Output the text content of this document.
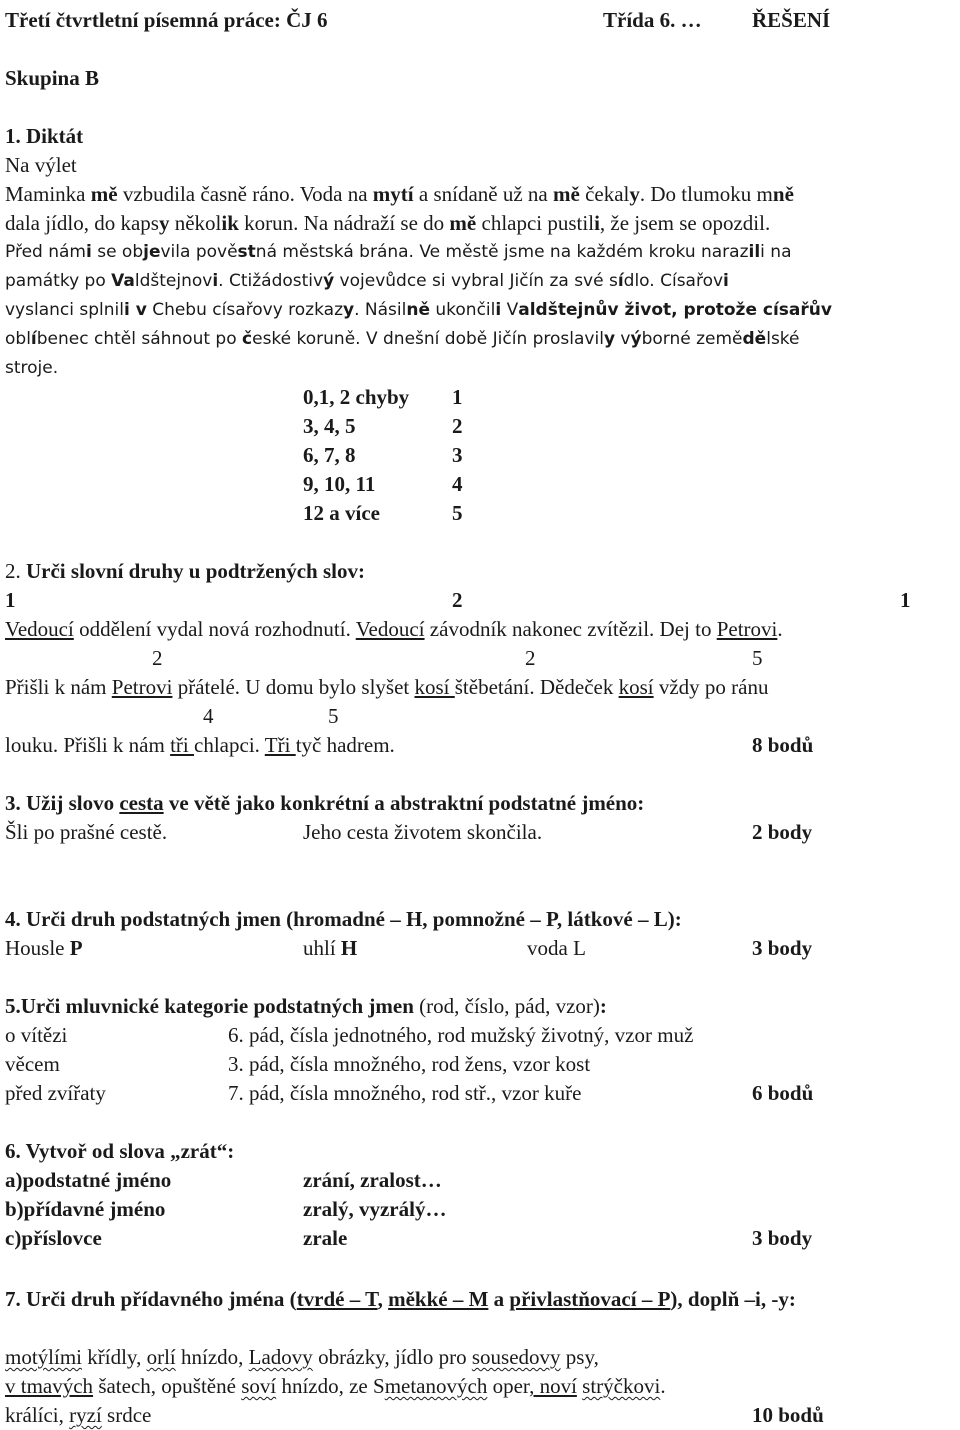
Třetí čtvrtletní písemná práce: ČJ 6	Třída 6. … ŘEŠENÍ
Skupina B
1. Diktát
Na výlet
Maminka mě vzbudila časně ráno. Voda na mytí a snídaně už na mě čekaly. Do tlumoku mně
dala jídlo, do kapsy několik korun. Na nádraží se do mě chlapci pustili, že jsem se opozdil.
Před námi se objevila pověstná městská brána. Ve městě jsme na každém kroku narazili na
památky po Valdštejnovi. Ctižádostivý vojevůdce si vybral Jičín za své sídlo. Císařovi
vyslanci splnili v Chebu císařovy rozkazy. Násilně ukončili Valdštejnův život, protože císařův
oblíbenec chtěl sáhnout po české koruně. V dnešní době Jičín proslavily výborné zemědělské
stroje.
0,1, 2 chyby 1
3, 4, 5	2
6, 7, 8	3
9, 10, 11	4
12 a více	5
2. Urči slovní druhy u podtržených slov:
1	2	1
Vedoucí oddělení vydal nová rozhodnutí. Vedoucí závodník nakonec zvítězil. Dej to Petrovi.
2	2	5
Přišli k nám Petrovi přátelé. U domu bylo slyšet kosí štěbetání. Dědeček kosí vždy po ránu
4	5
louku. Přišli k nám tři chlapci. Tři tyč hadrem.	8 bodů
3. Užij slovo cesta ve větě jako konkrétní a abstraktní podstatné jméno:
Šli po prašné cestě.	Jeho cesta životem skončila.	2 body
4. Urči druh podstatných jmen (hromadné – H, pomnožné – P, látkové – L):
Housle P	uhlí H	voda L	3 body
5.Urči mluvnické kategorie podstatných jmen (rod, číslo, pád, vzor):
o vítězi	6. pád, čísla jednotného, rod mužský životný, vzor muž
věcem	3. pád, čísla množného, rod žens, vzor kost
před zvířaty	7. pád, čísla množného, rod stř., vzor kuře	6 bodů
6. Vytvoř od slova „zrát“:
a)podstatné jméno	zrání, zralost…
b)přídavné jméno	zralý, vyzrálý…
c)příslovce	zrale	3 body
7. Urči druh přídavného jména (tvrdé – T, měkké – M a přivlastňovací – P), doplň –i, -y:
motýlími křídly, orlí hnízdo, Ladovy obrázky, jídlo pro sousedovy psy,
v tmavých šatech, opuštěné soví hnízdo, ze Smetanových oper, noví strýčkovi.
králíci, ryzí srdce	10 bodů
